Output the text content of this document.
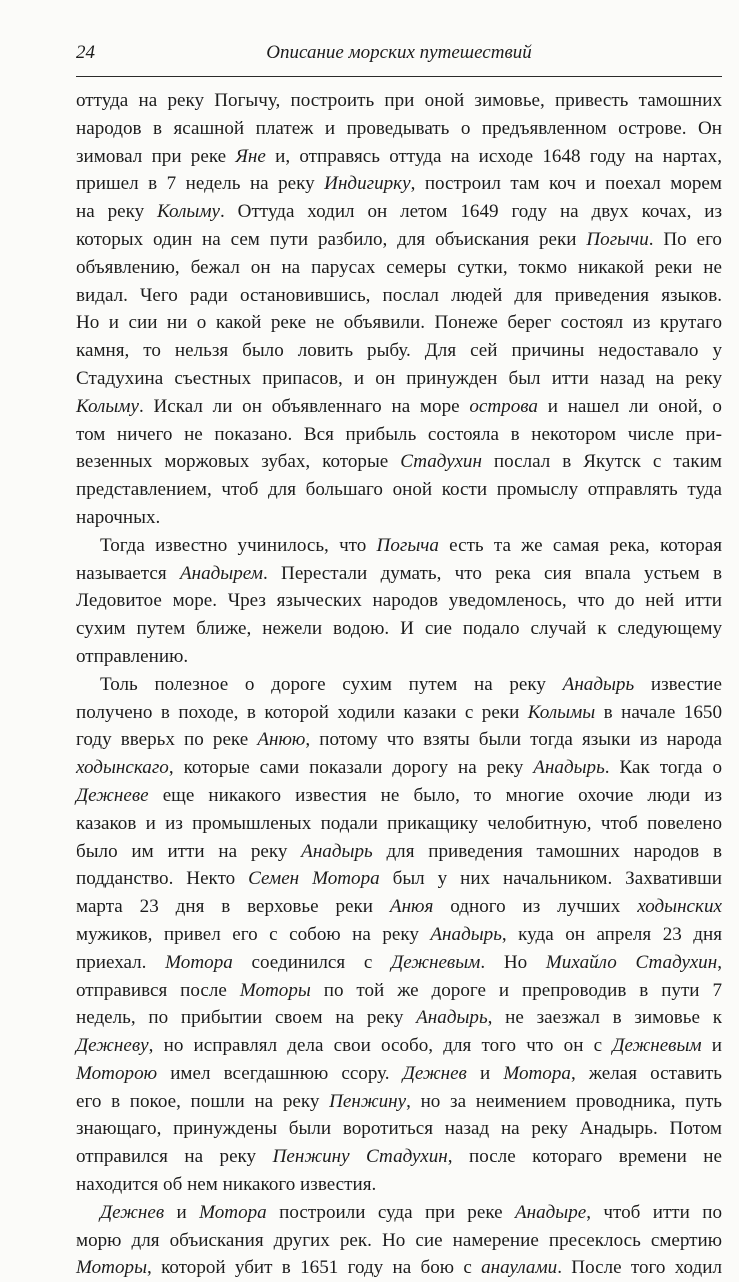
24	Описание морских путешествий
оттуда на реку Погычу, построить при оной зимовье, привесть тамошних
народов в ясашной платеж и проведывать о предъявленном острове. Он
зимовал при реке Яне и, отправясь оттуда на исходе 1648 году на нартах,
пришел в 7 недель на реку Индигирку, построил там коч и поехал морем
на реку Колыму. Оттуда ходил он летом 1649 году на двух кочах, из
которых один на сем пути разбило, для объискания реки Погычи. По его
объявлению, бежал он на парусах семеры сутки, токмо никакой реки не
видал. Чего ради остановившись, послал людей для приведения языков.
Но и сии ни о какой реке не объявили. Понеже берег состоял из крутаго
камня, то нельзя было ловить рыбу. Для сей причины недоставало у
Стадухина съестных припасов, и он принужден был итти назад на реку
Колыму. Искал ли он объявленнаго на море острова и нашел ли оной, о
том ничего не показано. Вся прибыль состояла в некотором числе при-
везенных моржовых зубах, которые Стадухин послал в Якутск с таким
представлением, чтоб для большаго оной кости промыслу отправлять туда
нарочных.
Тогда известно учинилось, что Погыча есть та же самая река, которая
называется Анадырем. Перестали думать, что река сия впала устьем в
Ледовитое море. Чрез языческих народов уведомленось, что до ней итти
сухим путем ближе, нежели водою. И сие подало случай к следующему
отправлению.
Толь полезное о дороге сухим путем на реку Анадырь известие
получено в походе, в которой ходили казаки с реки Колымы в начале 1650
году вверьх по реке Анюю, потому что взяты были тогда языки из народа
ходынскаго, которые сами показали дорогу на реку Анадырь. Как тогда о
Дежневе еще никакого известия не было, то многие охочие люди из
казаков и из промышленых подали прикащику челобитную, чтоб повелено
было им итти на реку Анадырь для приведения тамошних народов в
подданство. Некто Семен Мотора был у них начальником. Захвативши
марта 23 дня в верховье реки Анюя одного из лучших ходынских
мужиков, привел его с собою на реку Анадырь, куда он апреля 23 дня
приехал. Мотора соединился с Дежневым. Но Михайло Стадухин,
отправився после Моторы по той же дороге и препроводив в пути 7
недель, по прибытии своем на реку Анадырь, не заезжал в зимовье к
Дежневу, но исправлял дела свои особо, для того что он с Дежневым и
Моторою имел всегдашнюю ссору. Дежнев и Мотора, желая оставить
его в покое, пошли на реку Пенжину, но за неимением проводника, путь
знающаго, принуждены были воротиться назад на реку Анадырь. Потом
отправился на реку Пенжину Стадухин, после котораго времени не
находится об нем никакого известия.
Дежнев и Мотора построили суда при реке Анадыре, чтоб итти по
морю для объискания других рек. Но сие намерение пресеклось смертию
Моторы, которой убит в 1651 году на бою с анаулами. После того ходил
